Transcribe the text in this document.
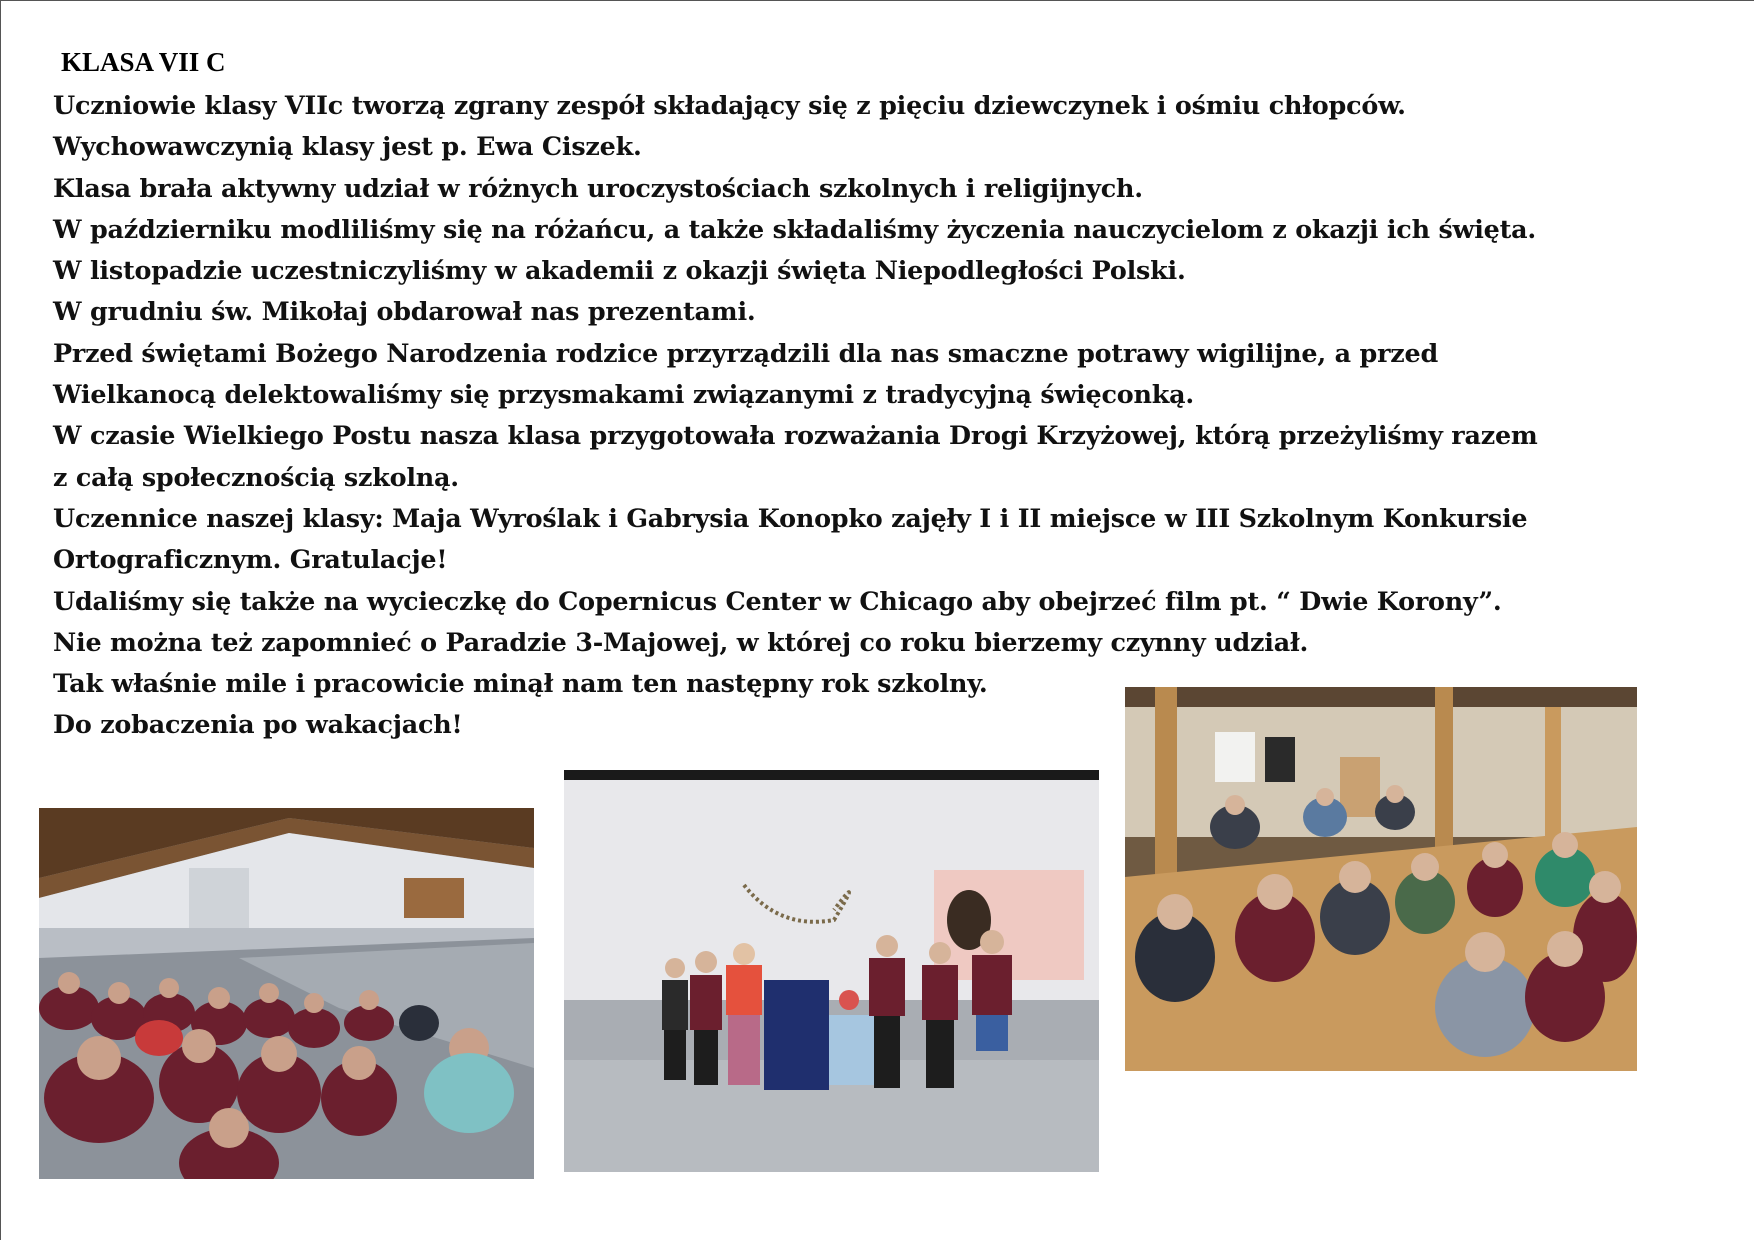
KLASA VII C

Uczniowie klasy VIIc tworzą zgrany zespół składający się z pięciu dziewczynek i ośmiu chłopców.

Wychowawczynią klasy jest p. Ewa Ciszek.

Klasa brała aktywny udział w różnych uroczystościach szkolnych i religijnych.

W październiku modliliśmy się na różańcu, a także składaliśmy życzenia nauczycielom z okazji ich święta.

W listopadzie uczestniczyliśmy w akademii z okazji święta Niepodległości Polski.

W grudniu św. Mikołaj obdarował nas prezentami.

Przed świętami Bożego Narodzenia rodzice przyrządzili dla nas smaczne potrawy wigilijne, a przed

Wielkanocą delektowaliśmy się przysmakami związanymi z tradycyjną święconką.

W czasie Wielkiego Postu nasza klasa przygotowała rozważania Drogi Krzyżowej, którą przeżyliśmy razem

z całą społecznością szkolną.

Uczennice naszej klasy: Maja Wyroślak i Gabrysia Konopko zajęły I i II miejsce w III Szkolnym Konkursie

Ortograficznym. Gratulacje!

Udaliśmy się także na wycieczkę do Copernicus Center w Chicago aby obejrzeć film pt. “ Dwie Korony”.

Nie można też zapomnieć o Paradzie 3-Majowej, w której co roku bierzemy czynny udział.

Tak właśnie mile i pracowicie minął nam ten następny rok szkolny.

Do zobaczenia po wakacjach!
